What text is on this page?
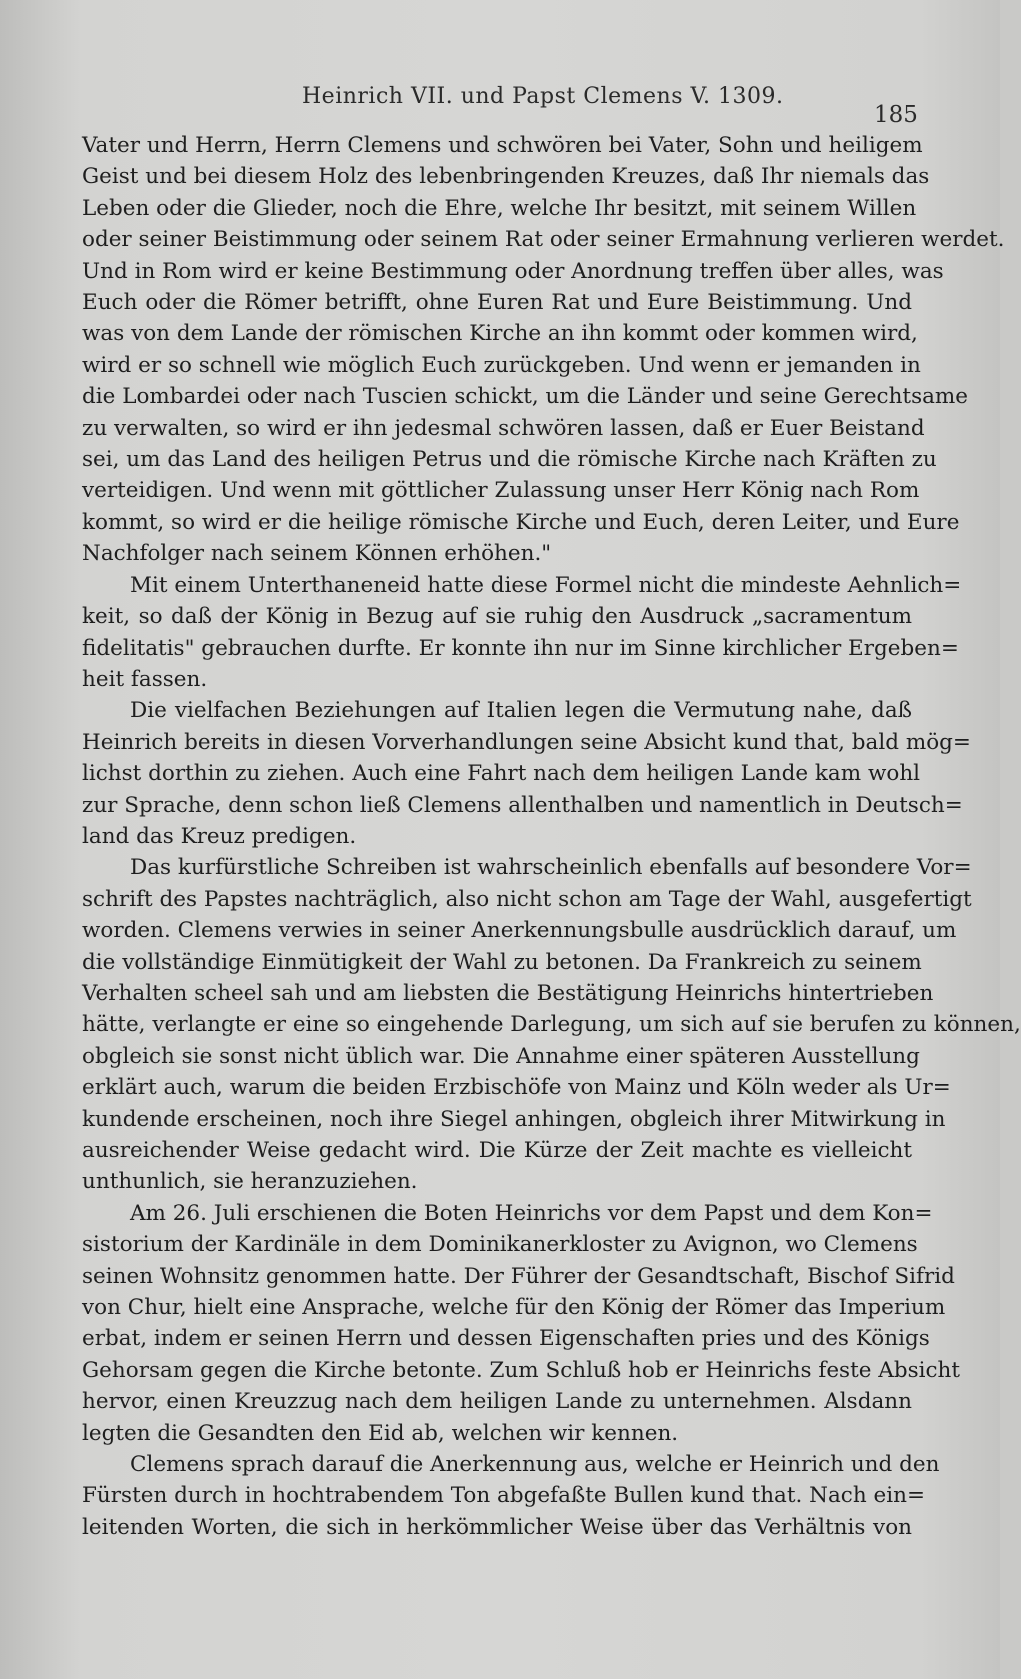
Heinrich VII. und Papst Clemens V. 1309.
185

Vater und Herrn, Herrn Clemens und schwören bei Vater, Sohn und heiligem
Geist und bei diesem Holz des lebenbringenden Kreuzes, daß Ihr niemals das
Leben oder die Glieder, noch die Ehre, welche Ihr besitzt, mit seinem Willen
oder seiner Beistimmung oder seinem Rat oder seiner Ermahnung verlieren werdet.
Und in Rom wird er keine Bestimmung oder Anordnung treffen über alles, was
Euch oder die Römer betrifft, ohne Euren Rat und Eure Beistimmung. Und
was von dem Lande der römischen Kirche an ihn kommt oder kommen wird,
wird er so schnell wie möglich Euch zurückgeben. Und wenn er jemanden in
die Lombardei oder nach Tuscien schickt, um die Länder und seine Gerechtsame
zu verwalten, so wird er ihn jedesmal schwören lassen, daß er Euer Beistand
sei, um das Land des heiligen Petrus und die römische Kirche nach Kräften zu
verteidigen. Und wenn mit göttlicher Zulassung unser Herr König nach Rom
kommt, so wird er die heilige römische Kirche und Euch, deren Leiter, und Eure
Nachfolger nach seinem Können erhöhen."

Mit einem Unterthaneneid hatte diese Formel nicht die mindeste Aehnlich=
keit, so daß der König in Bezug auf sie ruhig den Ausdruck „sacramentum
fidelitatis" gebrauchen durfte. Er konnte ihn nur im Sinne kirchlicher Ergeben=
heit fassen.

Die vielfachen Beziehungen auf Italien legen die Vermutung nahe, daß
Heinrich bereits in diesen Vorverhandlungen seine Absicht kund that, bald mög=
lichst dorthin zu ziehen. Auch eine Fahrt nach dem heiligen Lande kam wohl
zur Sprache, denn schon ließ Clemens allenthalben und namentlich in Deutsch=
land das Kreuz predigen.

Das kurfürstliche Schreiben ist wahrscheinlich ebenfalls auf besondere Vor=
schrift des Papstes nachträglich, also nicht schon am Tage der Wahl, ausgefertigt
worden. Clemens verwies in seiner Anerkennungsbulle ausdrücklich darauf, um
die vollständige Einmütigkeit der Wahl zu betonen. Da Frankreich zu seinem
Verhalten scheel sah und am liebsten die Bestätigung Heinrichs hintertrieben
hätte, verlangte er eine so eingehende Darlegung, um sich auf sie berufen zu können,
obgleich sie sonst nicht üblich war. Die Annahme einer späteren Ausstellung
erklärt auch, warum die beiden Erzbischöfe von Mainz und Köln weder als Ur=
kundende erscheinen, noch ihre Siegel anhingen, obgleich ihrer Mitwirkung in
ausreichender Weise gedacht wird. Die Kürze der Zeit machte es vielleicht
unthunlich, sie heranzuziehen.

Am 26. Juli erschienen die Boten Heinrichs vor dem Papst und dem Kon=
sistorium der Kardinäle in dem Dominikanerkloster zu Avignon, wo Clemens
seinen Wohnsitz genommen hatte. Der Führer der Gesandtschaft, Bischof Sifrid
von Chur, hielt eine Ansprache, welche für den König der Römer das Imperium
erbat, indem er seinen Herrn und dessen Eigenschaften pries und des Königs
Gehorsam gegen die Kirche betonte. Zum Schluß hob er Heinrichs feste Absicht
hervor, einen Kreuzzug nach dem heiligen Lande zu unternehmen. Alsdann
legten die Gesandten den Eid ab, welchen wir kennen.

Clemens sprach darauf die Anerkennung aus, welche er Heinrich und den
Fürsten durch in hochtrabendem Ton abgefaßte Bullen kund that. Nach ein=
leitenden Worten, die sich in herkömmlicher Weise über das Verhältnis von
